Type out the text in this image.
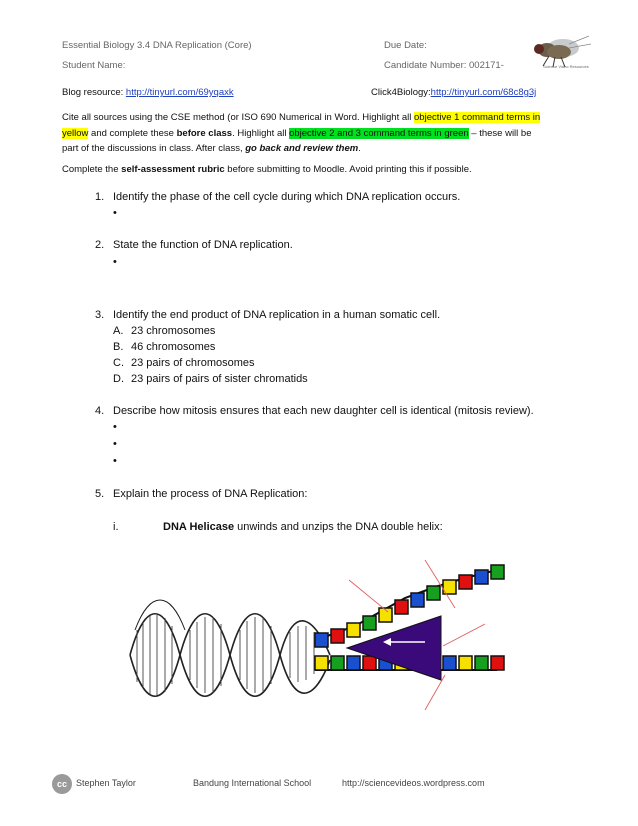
Essential Biology 3.4 DNA Replication (Core)	Due Date:
Student Name:	Candidate Number: 002171-	Science Video Resources
Blog resource: http://tinyurl.com/69yqaxk	Click4Biology:http://tinyurl.com/68c8g3j
Cite all sources using the CSE method (or ISO 690 Numerical in Word. Highlight all objective 1 command terms in
yellow and complete these before class. Highlight all objective 2 and 3 command terms in green – these will be
part of the discussions in class. After class, go back and review them.
Complete the self-assessment rubric before submitting to Moodle. Avoid printing this if possible.
1. Identify the phase of the cell cycle during which DNA replication occurs.
•
2. State the function of DNA replication.
•
3. Identify the end product of DNA replication in a human somatic cell.
A. 23 chromosomes
B. 46 chromosomes
C. 23 pairs of chromosomes
D. 23 pairs of pairs of sister chromatids
4. Describe how mitosis ensures that each new daughter cell is identical (mitosis review).
•
•
•
5. Explain the process of DNA Replication:
i.	DNA Helicase unwinds and unzips the DNA double helix:
cc	Stephen Taylor	Bandung International School	http://sciencevideos.wordpress.com
